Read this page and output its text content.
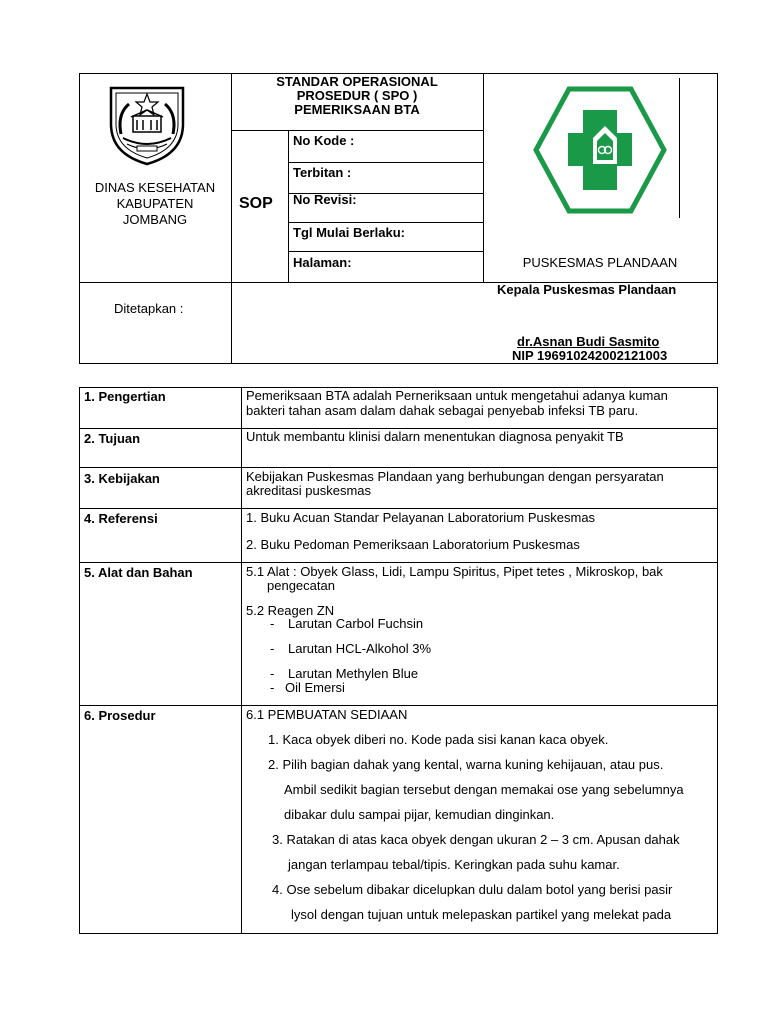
DINAS KESEHATAN
KABUPATEN
JOMBANG
STANDAR OPERASIONAL
PROSEDUR ( SPO )
PEMERIKSAAN BTA
SOP
No Kode :
Terbitan :
No Revisi:
Tgl Mulai Berlaku:
Halaman:	PUSKESMAS PLANDAAN
Ditetapkan :
Kepala Puskesmas Plandaan
dr.Asnan Budi Sasmito
NIP 196910242002121003
1. Pengertian	Pemeriksaan BTA adalah Perneriksaan untuk mengetahui adanya kuman
bakteri tahan asam dalam dahak sebagai penyebab infeksi TB paru.
2. Tujuan	Untuk membantu klinisi dalarn menentukan diagnosa penyakit TB
3. Kebijakan	Kebijakan Puskesmas Plandaan yang berhubungan dengan persyaratan
akreditasi puskesmas
4. Referensi	1. Buku Acuan Standar Pelayanan Laboratorium Puskesmas
2. Buku Pedoman Pemeriksaan Laboratorium Puskesmas
5. Alat dan Bahan	5.1 Alat : Obyek Glass, Lidi, Lampu Spiritus, Pipet tetes , Mikroskop, bak
pengecatan
5.2 Reagen ZN
- Larutan Carbol Fuchsin
- Larutan HCL-Alkohol 3%
- Larutan Methylen Blue
- Oil Emersi
6. Prosedur	6.1 PEMBUATAN SEDIAAN
1. Kaca obyek diberi no. Kode pada sisi kanan kaca obyek.
2. Pilih bagian dahak yang kental, warna kuning kehijauan, atau pus.
Ambil sedikit bagian tersebut dengan memakai ose yang sebelumnya
dibakar dulu sampai pijar, kemudian dinginkan.
3. Ratakan di atas kaca obyek dengan ukuran 2 – 3 cm. Apusan dahak
jangan terlampau tebal/tipis. Keringkan pada suhu kamar.
4. Ose sebelum dibakar dicelupkan dulu dalam botol yang berisi pasir
lysol dengan tujuan untuk melepaskan partikel yang melekat pada
